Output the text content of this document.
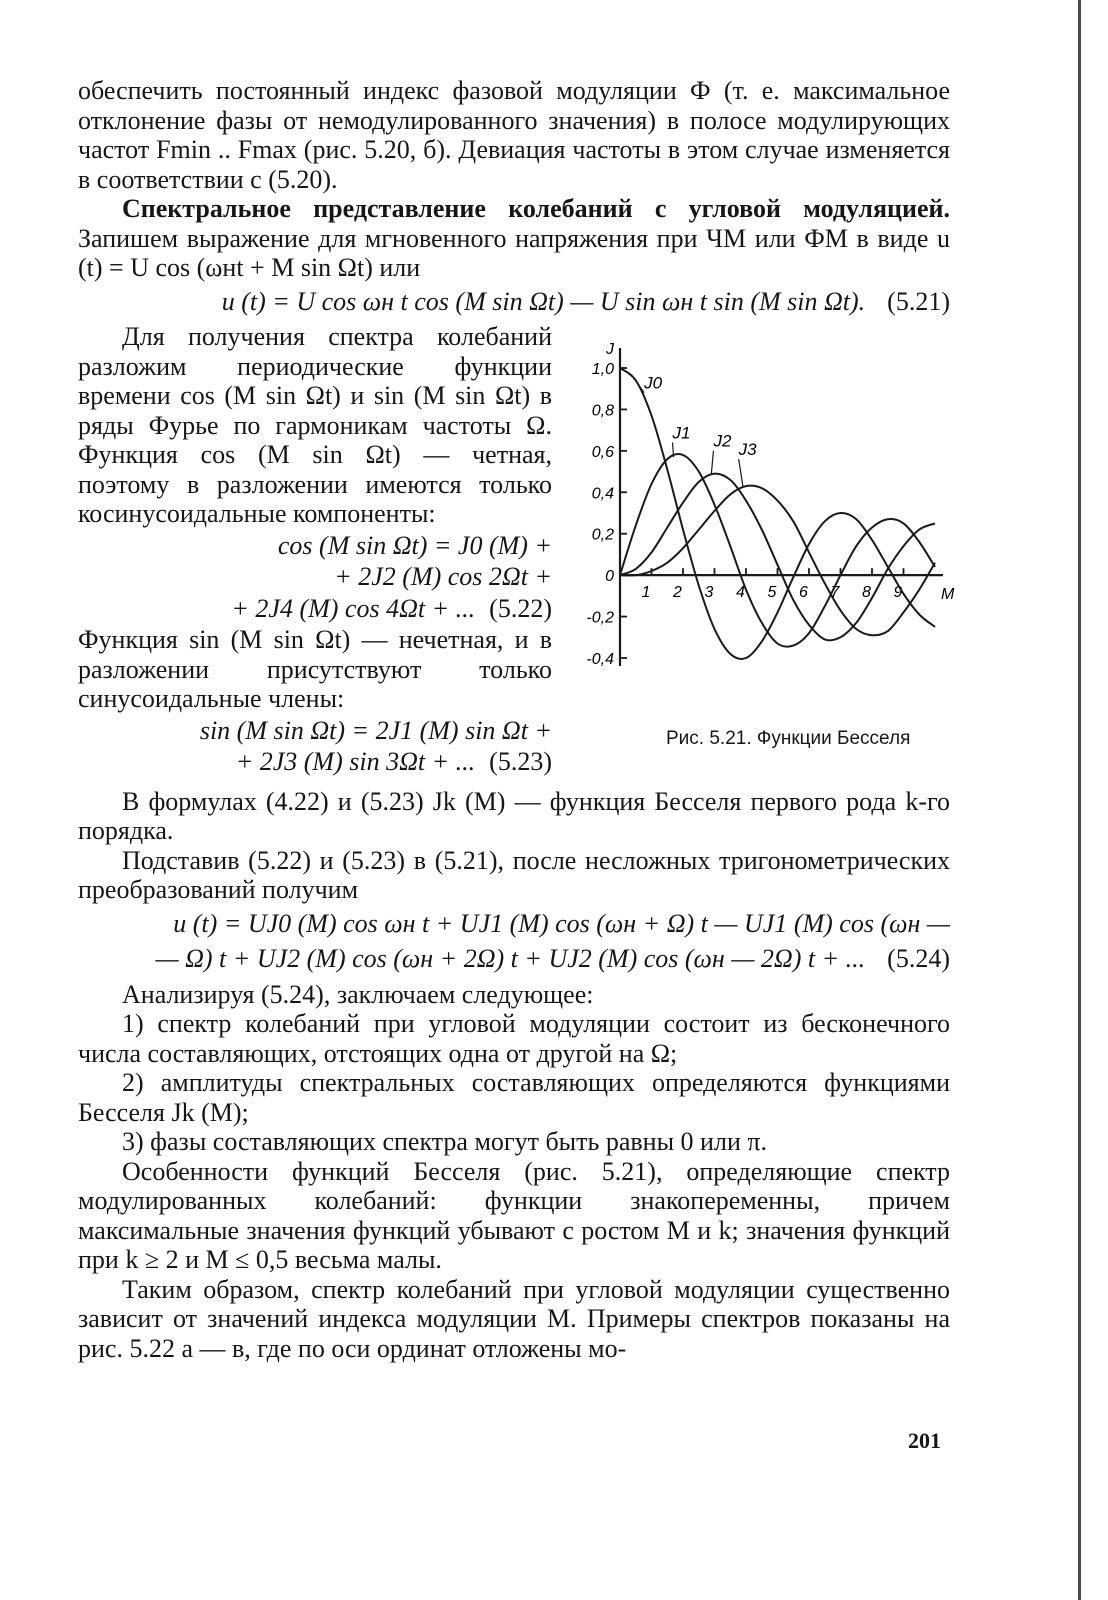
обеспечить постоянный индекс фазовой модуляции Ф (т. е. максимальное отклонение фазы от немодулированного значения) в полосе модулирующих частот Fmin .. Fmax (рис. 5.20, б). Девиация частоты в этом случае изменяется в соответствии с (5.20).

Спектральное представление колебаний с угловой модуляцией. Запишем выражение для мгновенного напряжения при ЧМ или ФМ в виде u (t) = U cos (ωнt + M sin Ωt) или

u (t) = U cos ωн t cos (M sin Ωt) — U sin ωн t sin (M sin Ωt). (5.21)

J
M
1,0
0,8
0,6
0,4
0,2
0
-0,2
-0,4
1 2 3 4 5 6 7 8 9
J0
J1 J2 J3
Рис. 5.21. Функции Бесселя
Для получения спектра колебаний разложим периодические функции времени cos (M sin Ωt) и sin (M sin Ωt) в ряды Фурье по гармоникам частоты Ω. Функция cos (M sin Ωt) — четная, поэтому в разложении имеются только косинусоидальные компоненты:

cos (M sin Ωt) = J0 (M) +
+ 2J2 (M) cos 2Ωt +
+ 2J4 (M) cos 4Ωt + ... (5.22)

Функция sin (M sin Ωt) — нечетная, и в разложении присутствуют только синусоидальные члены:

sin (M sin Ωt) = 2J1 (M) sin Ωt +
+ 2J3 (M) sin 3Ωt + ... (5.23)

В формулах (4.22) и (5.23) Jk (M) — функция Бесселя первого рода k-го порядка.

Подставив (5.22) и (5.23) в (5.21), после несложных тригонометрических преобразований получим

u (t) = UJ0 (M) cos ωн t + UJ1 (M) cos (ωн + Ω) t — UJ1 (M) cos (ωн —
— Ω) t + UJ2 (M) cos (ωн + 2Ω) t + UJ2 (M) cos (ωн — 2Ω) t + ... (5.24)

Анализируя (5.24), заключаем следующее:

1) спектр колебаний при угловой модуляции состоит из бесконечного числа составляющих, отстоящих одна от другой на Ω;

2) амплитуды спектральных составляющих определяются функциями Бесселя Jk (M);

3) фазы составляющих спектра могут быть равны 0 или π.

Особенности функций Бесселя (рис. 5.21), определяющие спектр модулированных колебаний: функции знакопеременны, причем максимальные значения функций убывают с ростом M и k; значения функций при k ≥ 2 и M ≤ 0,5 весьма малы.

Таким образом, спектр колебаний при угловой модуляции существенно зависит от значений индекса модуляции M. Примеры спектров показаны на рис. 5.22 а — в, где по оси ординат отложены мо-

201
